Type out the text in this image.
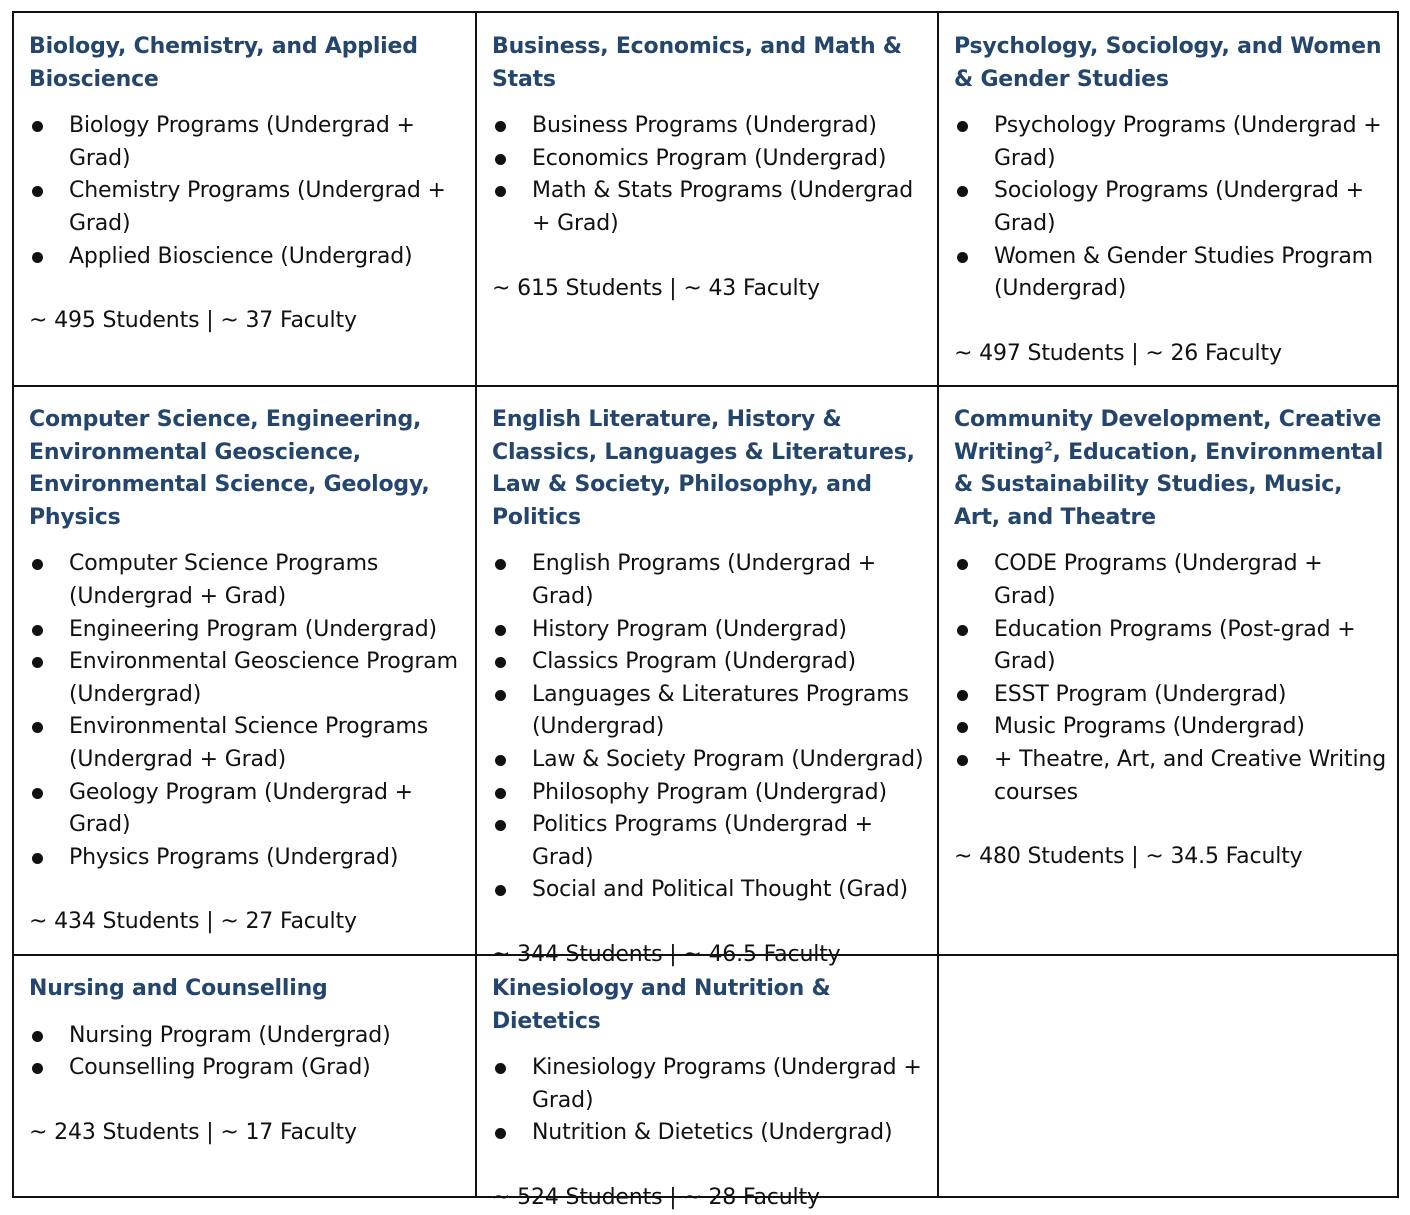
Biology, Chemistry, and Applied Bioscience
Biology Programs (Undergrad + Grad)
Chemistry Programs (Undergrad + Grad)
Applied Bioscience (Undergrad)

~ 495 Students | ~ 37 Faculty

Business, Economics, and Math & Stats
Business Programs (Undergrad)
Economics Program (Undergrad)
Math & Stats Programs (Undergrad + Grad)

~ 615 Students | ~ 43 Faculty

Psychology, Sociology, and Women & Gender Studies
Psychology Programs (Undergrad + Grad)
Sociology Programs (Undergrad + Grad)
Women & Gender Studies Program (Undergrad)

~ 497 Students | ~ 26 Faculty

Computer Science, Engineering, Environmental Geoscience, Environmental Science, Geology, Physics
Computer Science Programs (Undergrad + Grad)
Engineering Program (Undergrad)
Environmental Geoscience Program (Undergrad)
Environmental Science Programs (Undergrad + Grad)
Geology Program (Undergrad + Grad)
Physics Programs (Undergrad)

~ 434 Students | ~ 27 Faculty

English Literature, History & Classics, Languages & Literatures, Law & Society, Philosophy, and Politics
English Programs (Undergrad + Grad)
History Program (Undergrad)
Classics Program (Undergrad)
Languages & Literatures Programs (Undergrad)
Law & Society Program (Undergrad)
Philosophy Program (Undergrad)
Politics Programs (Undergrad + Grad)
Social and Political Thought (Grad)

~ 344 Students | ~ 46.5 Faculty

Community Development, Creative Writing$^2$, Education, Environmental & Sustainability Studies, Music, Art, and Theatre
CODE Programs (Undergrad + Grad)
Education Programs (Post-grad + Grad)
ESST Program (Undergrad)
Music Programs (Undergrad)
+ Theatre, Art, and Creative Writing courses

~ 480 Students | ~ 34.5 Faculty

Nursing and Counselling
Nursing Program (Undergrad)
Counselling Program (Grad)

~ 243 Students | ~ 17 Faculty

Kinesiology and Nutrition & Dietetics
Kinesiology Programs (Undergrad + Grad)
Nutrition & Dietetics (Undergrad)

~ 524 Students | ~ 28 Faculty
